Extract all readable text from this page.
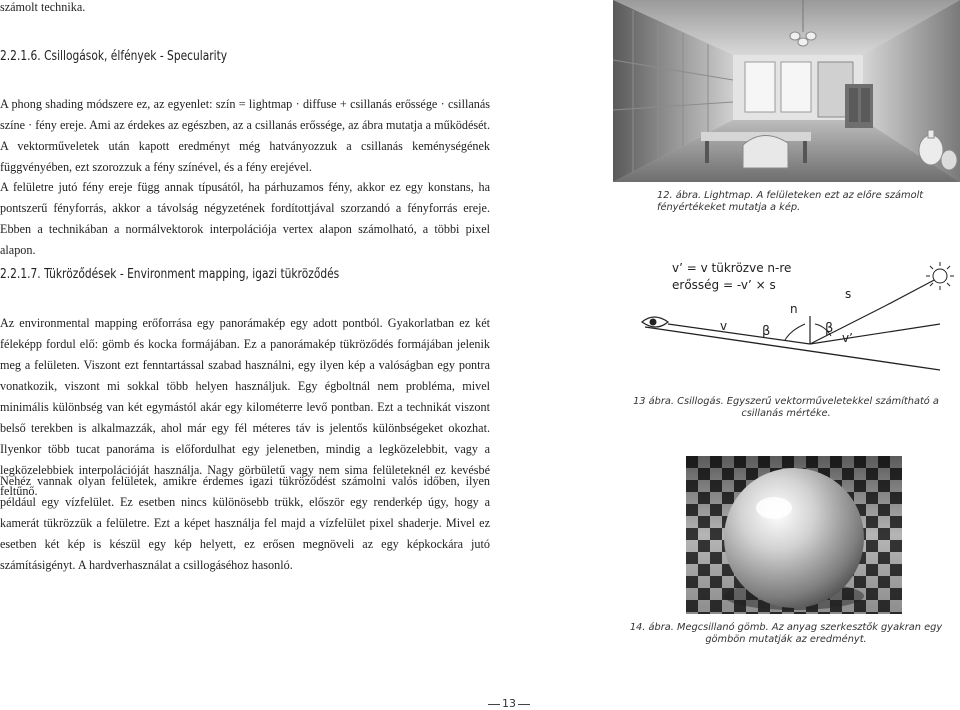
számolt technika.
2.2.1.6. Csillogások, élfények - Specularity
A phong shading módszere ez, az egyenlet: szín = lightmap · diffuse + csillanás erőssége · csillanás színe · fény ereje. Ami az érdekes az egészben, az a csillanás erőssége, az ábra mutatja a működését. A vektorműveletek után kapott eredményt még hatványozzuk a csillanás keménységének függvényében, ezt szorozzuk a fény színével, és a fény erejével.
A felületre jutó fény ereje függ annak típusától, ha párhuzamos fény, akkor ez egy konstans, ha pontszerű fényforrás, akkor a távolság négyzetének fordítottjával szorzandó a fényforrás ereje. Ebben a technikában a normálvektorok interpolációja vertex alapon számolható, a többi pixel alapon.
2.2.1.7. Tükröződések - Environment mapping, igazi tükröződés
Az environmental mapping erőforrása egy panorámakép egy adott pontból. Gyakorlatban ez két féleképp fordul elő: gömb és kocka formájában. Ez a panorámakép tükröződés formájában jelenik meg a felületen. Viszont ezt fenntartással szabad használni, egy ilyen kép a valóságban egy pontra vonatkozik, viszont mi sokkal több helyen használjuk. Egy égboltnál nem probléma, mivel minimális különbség van két egymástól akár egy kilométerre levő pontban. Ezt a technikát viszont belső terekben is alkalmazzák, ahol már egy fél méteres táv is jelentős különbségeket okozhat. Ilyenkor több tucat panoráma is előfordulhat egy jelenetben, mindig a legközelebbit, vagy a legközelebbiek interpolációját használja. Nagy görbületű vagy nem sima felületeknél ez kevésbé feltűnő.
Nehéz vannak olyan felületek, amikre érdemes igazi tükröződést számolni valós időben, ilyen például egy vízfelület. Ez esetben nincs különösebb trükk, először egy renderkép úgy, hogy a kamerát tükrözzük a felületre. Ezt a képet használja fel majd a vízfelület pixel shaderje. Mivel ez esetben két kép is készül egy kép helyett, ez erősen megnöveli az egy képkockára jutó számításigényt. A hardverhasználat a csillogáséhoz hasonló.
12. ábra. Lightmap. A felületeken ezt az előre számolt fényértékeket mutatja a kép.
v’ = v tükrözve n-re
erősség = -v’ × s
v	β
n
β
s
v’
13 ábra. Csillogás. Egyszerű vektorműveletekkel számítható a csillanás mértéke.
14. ábra. Megcsillanó gömb. Az anyag szerkesztők gyakran egy gömbön mutatják az eredményt.
13
